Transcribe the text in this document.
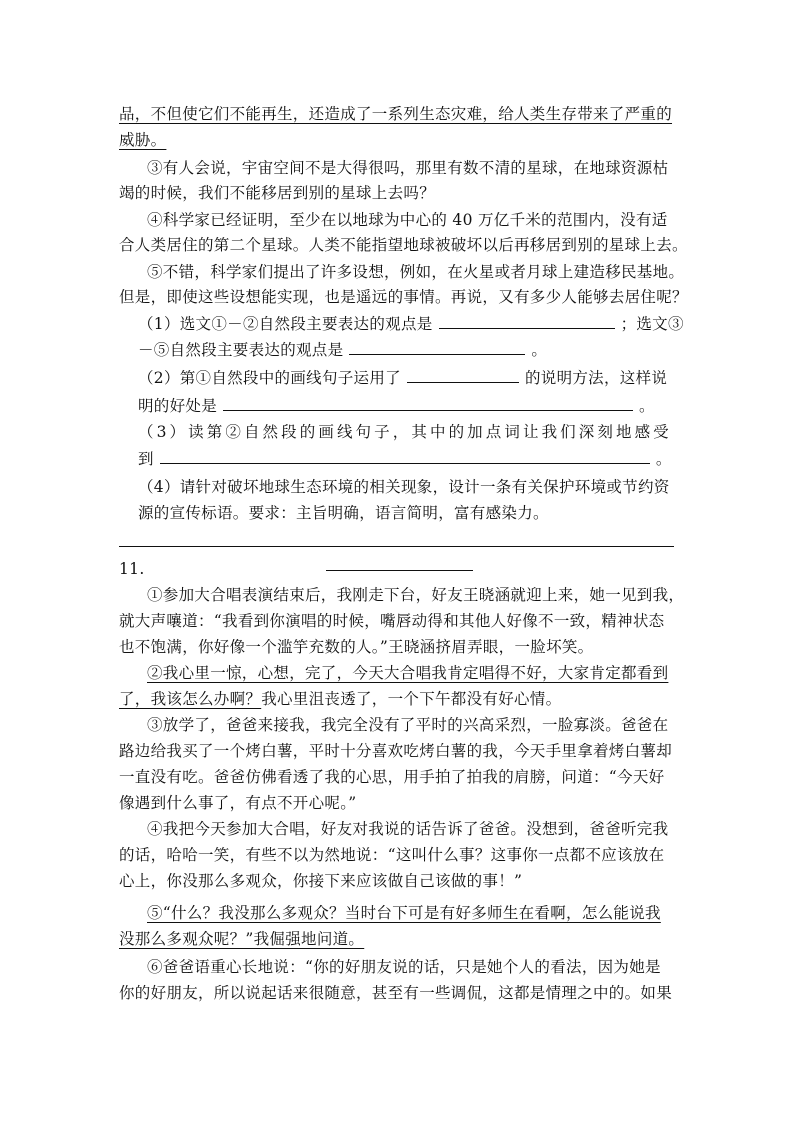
品，不但使它们不能再生，还造成了一系列生态灾难，给人类生存带来了严重的
威胁。
③有人会说，宇宙空间不是大得很吗，那里有数不清的星球，在地球资源枯
竭的时候，我们不能移居到别的星球上去吗？
④科学家已经证明，至少在以地球为中心的 40 万亿千米的范围内，没有适
合人类居住的第二个星球。人类不能指望地球被破坏以后再移居到别的星球上去。
⑤不错，科学家们提出了许多设想，例如，在火星或者月球上建造移民基地。
但是，即使这些设想能实现，也是遥远的事情。再说，又有多少人能够去居住呢？
（1）选文①－②自然段主要表达的观点是	；选文③
－⑤自然段主要表达的观点是	。
（2）第①自然段中的画线句子运用了	的说明方法，这样说
明的好处是	。
（3）读第②自然段的画线句子，其中的加点词让我们深刻地感受
到	。
（4）请针对破坏地球生态环境的相关现象，设计一条有关保护环境或节约资
源的宣传标语。要求：主旨明确，语言简明，富有感染力。
11.
①参加大合唱表演结束后，我刚走下台，好友王晓涵就迎上来，她一见到我，
就大声嚷道：“我看到你演唱的时候，嘴唇动得和其他人好像不一致，精神状态
也不饱满，你好像一个滥竽充数的人。”王晓涵挤眉弄眼，一脸坏笑。
②我心里一惊，心想，完了，今天大合唱我肯定唱得不好，大家肯定都看到
了，我该怎么办啊？我心里沮丧透了，一个下午都没有好心情。
③放学了，爸爸来接我，我完全没有了平时的兴高采烈，一脸寡淡。爸爸在
路边给我买了一个烤白薯，平时十分喜欢吃烤白薯的我，今天手里拿着烤白薯却
一直没有吃。爸爸仿佛看透了我的心思，用手拍了拍我的肩膀，问道：“今天好
像遇到什么事了，有点不开心呢。”
④我把今天参加大合唱，好友对我说的话告诉了爸爸。没想到，爸爸听完我
的话，哈哈一笑，有些不以为然地说：“这叫什么事？这事你一点都不应该放在
心上，你没那么多观众，你接下来应该做自己该做的事！”
⑤“什么？我没那么多观众？当时台下可是有好多师生在看啊，怎么能说我
没那么多观众呢？”我倔强地问道。
⑥爸爸语重心长地说：“你的好朋友说的话，只是她个人的看法，因为她是
你的好朋友，所以说起话来很随意，甚至有一些调侃，这都是情理之中的。如果
